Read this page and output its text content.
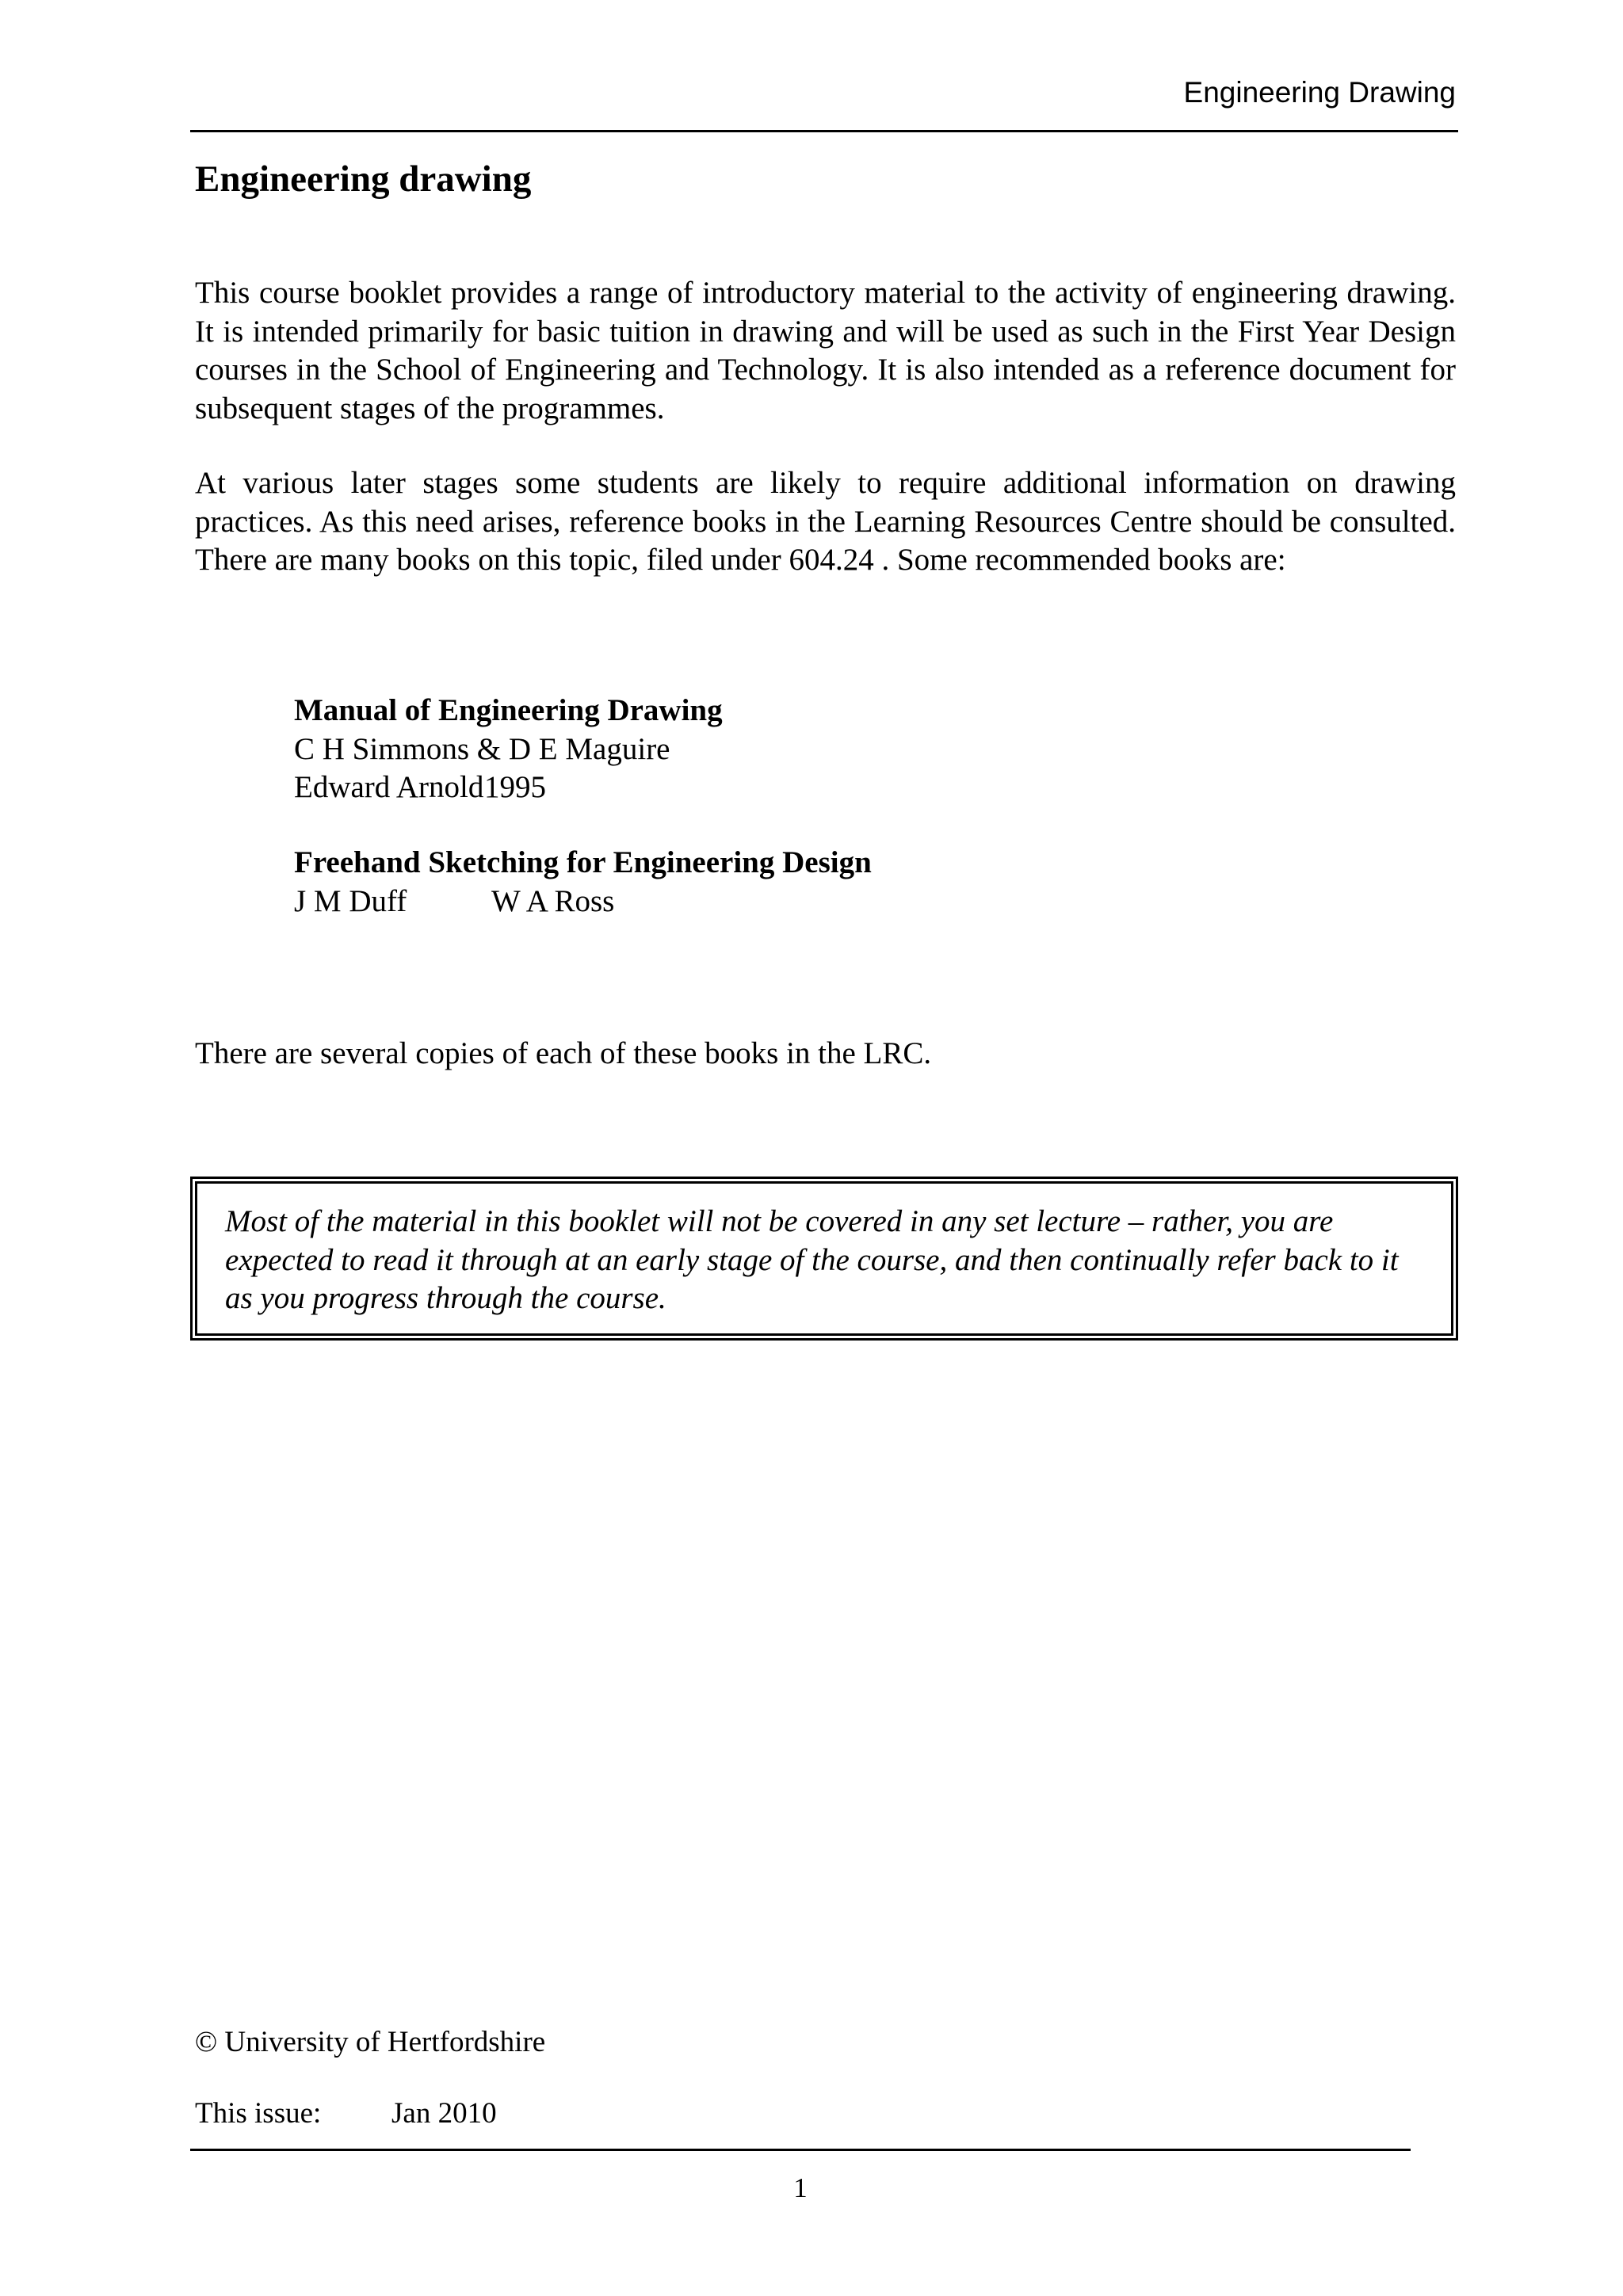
Engineering Drawing
Engineering drawing

This course booklet provides a range of introductory material to the activity of engineering drawing. It is intended primarily for basic tuition in drawing and will be used as such in the First Year Design courses in the School of Engineering and Technology. It is also intended as a reference document for subsequent stages of the programmes.

At various later stages some students are likely to require additional information on drawing practices. As this need arises, reference books in the Learning Resources Centre should be consulted. There are many books on this topic, filed under 604.24 . Some recommended books are:

Manual of Engineering Drawing
C H Simmons & D E Maguire
Edward Arnold1995
Freehand Sketching for Engineering Design
J M Duff	W A Ross

There are several copies of each of these books in the LRC.

Most of the material in this booklet will not be covered in any set lecture – rather, you are expected to read it through at an early stage of the course, and then continually refer back to it as you progress through the course.

© University of Hertfordshire
This issue: Jan 2010
1
